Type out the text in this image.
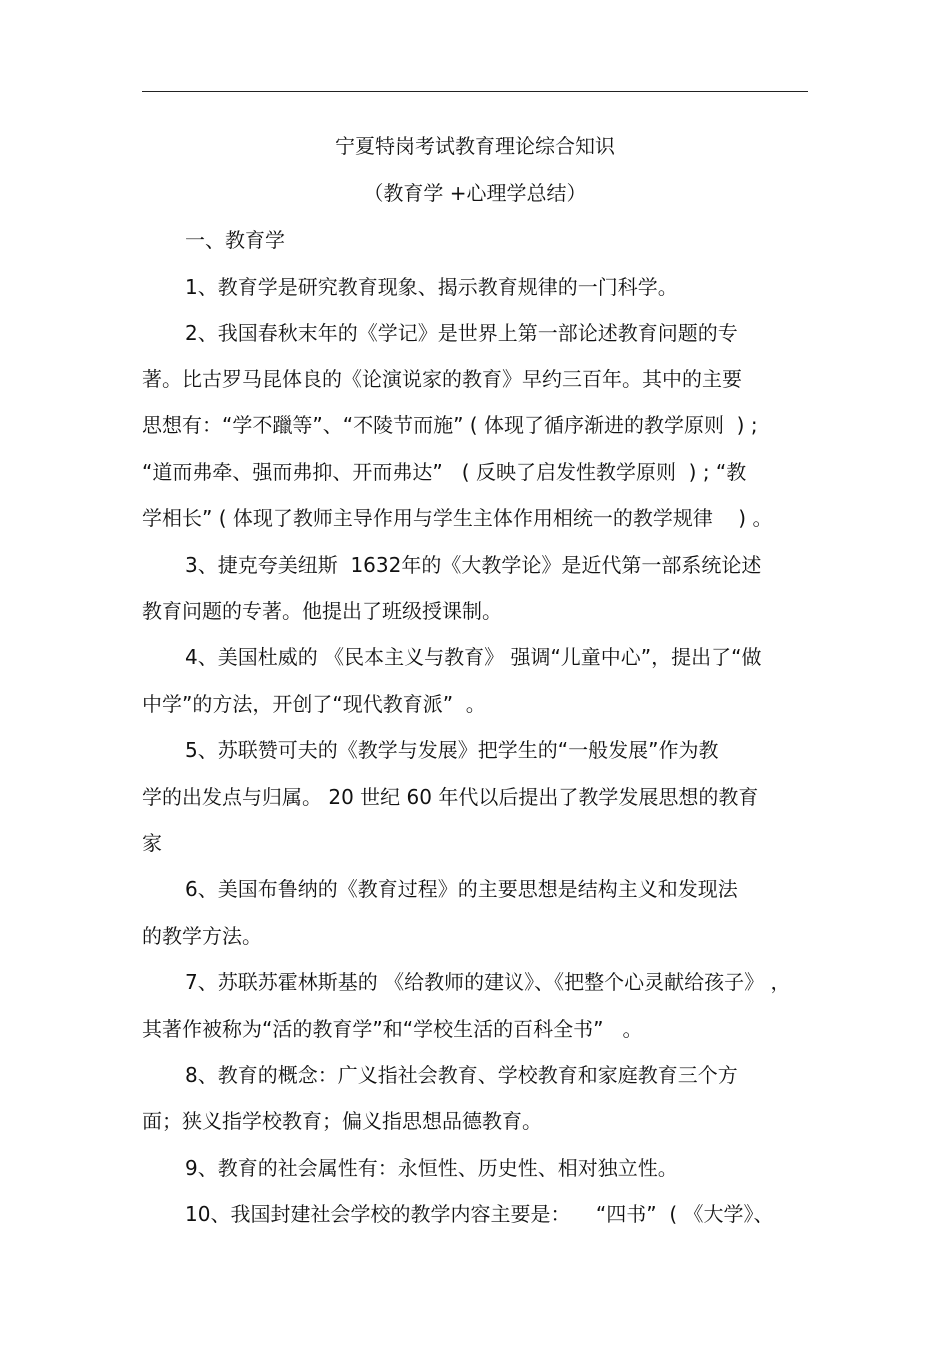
宁夏特岗考试教育理论综合知识
（教育学 +心理学总结）
一、教育学
1、教育学是研究教育现象、揭示教育规律的一门科学。
2、我国春秋末年的《学记》是世界上第一部论述教育问题的专
著。比古罗马昆体良的《论演说家的教育》早约三百年。其中的主要
思想有：“学不躐等”、“不陵节而施” ( 体现了循序渐进的教学原则  ) ;
“道而弗牵、强而弗抑、开而弗达”   ( 反映了启发性教学原则  ) ; “教
学相长” ( 体现了教师主导作用与学生主体作用相统一的教学规律    ) 。
3、捷克夸美纽斯  1632年的《大教学论》是近代第一部系统论述
教育问题的专著。他提出了班级授课制。
4、美国杜威的 《民本主义与教育》 强调“儿童中心”，提出了“做
中学”的方法，开创了“现代教育派”  。
5、苏联赞可夫的《教学与发展》把学生的“一般发展”作为教
学的出发点与归属。 20 世纪 60 年代以后提出了教学发展思想的教育
家
6、美国布鲁纳的《教育过程》的主要思想是结构主义和发现法
的教学方法。
7、苏联苏霍林斯基的 《给教师的建议》、《把整个心灵献给孩子》 ，
其著作被称为“活的教育学”和“学校生活的百科全书”   。
8、教育的概念：广义指社会教育、学校教育和家庭教育三个方
面；狭义指学校教育；偏义指思想品德教育。
9、教育的社会属性有：永恒性、历史性、相对独立性。
10、我国封建社会学校的教学内容主要是：    “四书”  ( 《大学》、
